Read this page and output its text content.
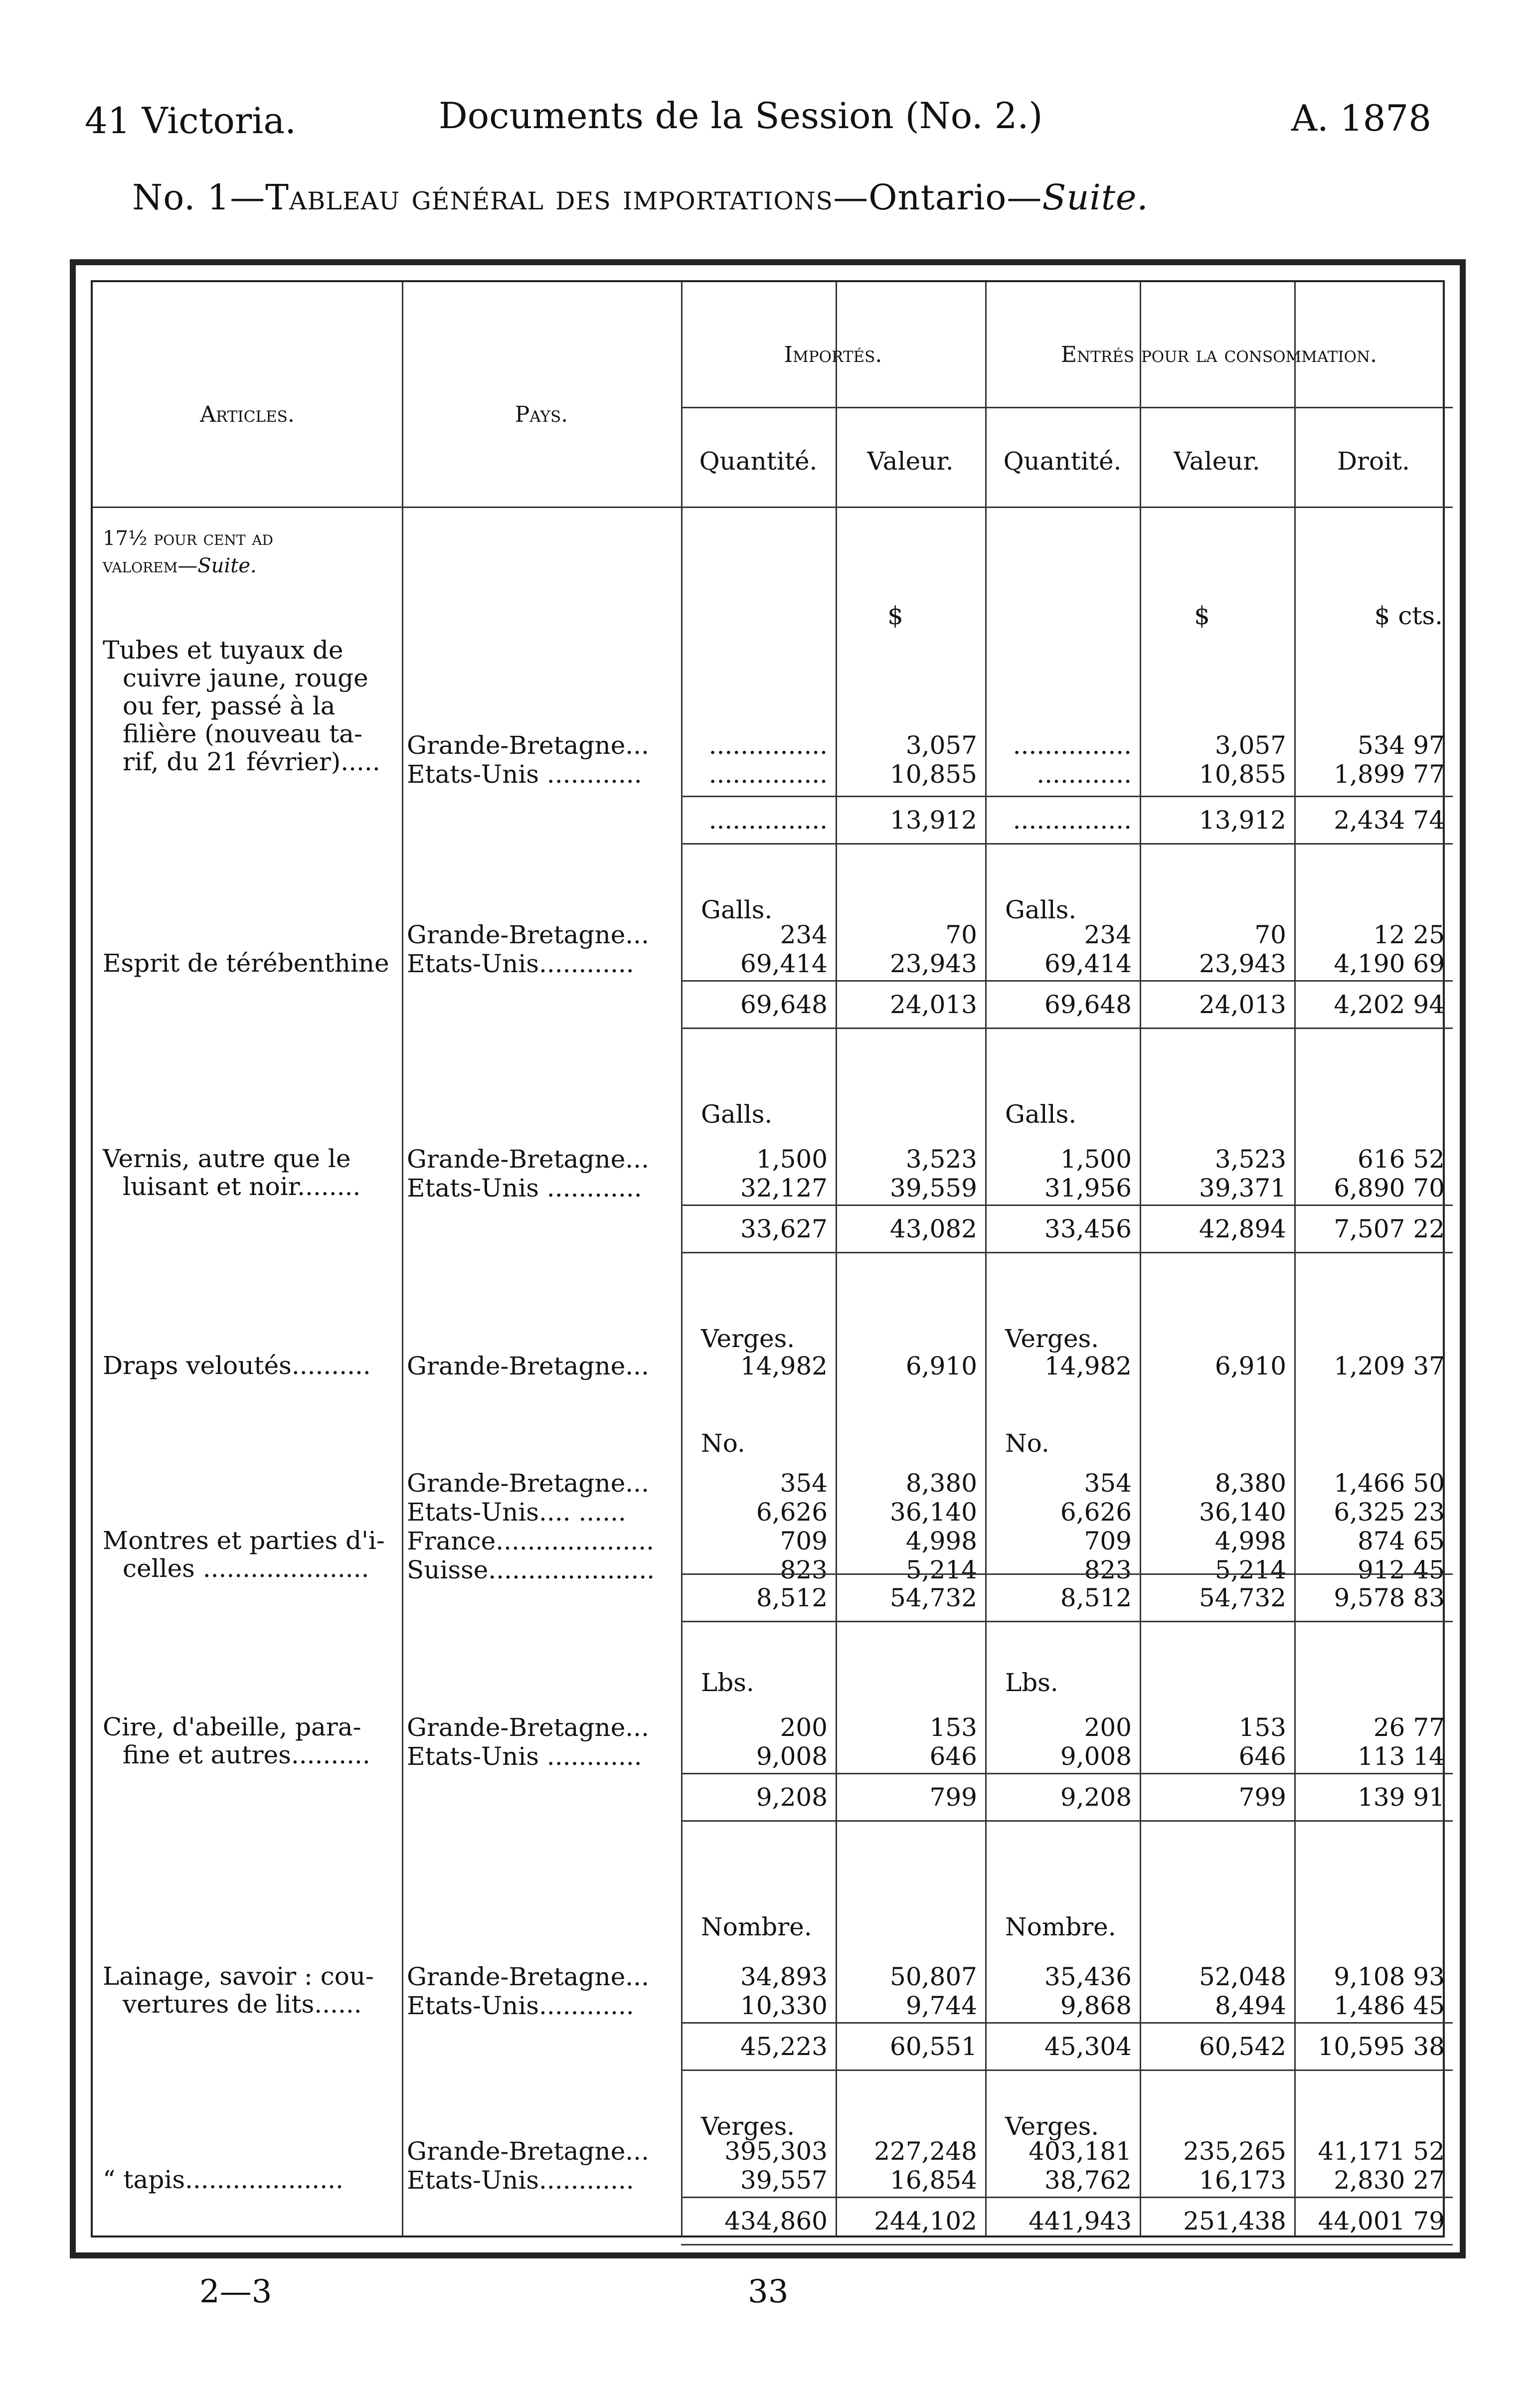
41 Victoria.	Documents de la Session (No. 2.)	A. 1878
No. 1—Tableau général des importations—Ontario—Suite.
Articles.	Pays.
Importés.	Entrés pour la consommation.
Quantité.	Valeur.	Quantité.	Valeur.	Droit.
17½ pour cent ad
valorem—Suite.
$	$	$ cts.
Tubes et tuyaux de
cuivre jaune, rouge
ou fer, passé à la
filière (nouveau ta-
rif, du 21 février).....
Grande-Bretagne...	...............	3,057	...............	3,057	534 97
Etats-Unis ............	...............	10,855	............	10,855	1,899 77
...............	13,912	...............	13,912	2,434 74
Esprit de térébenthine
Galls.	Galls.
Grande-Bretagne...	234	70	234	70	12 25
Etats-Unis............	69,414	23,943	69,414	23,943	4,190 69
69,648	24,013	69,648	24,013	4,202 94
Vernis, autre que le
luisant et noir........
Galls.	Galls.
Grande-Bretagne...	1,500	3,523	1,500	3,523	616 52
Etats-Unis ............	32,127	39,559	31,956	39,371	6,890 70
33,627	43,082	33,456	42,894	7,507 22
Draps veloutés..........
Verges.	Verges.
Grande-Bretagne...	14,982	6,910	14,982	6,910	1,209 37
Montres et parties d'i-
celles .....................
No.	No.
Grande-Bretagne...	354	8,380	354	8,380	1,466 50
Etats-Unis.... ......	6,626	36,140	6,626	36,140	6,325 23
France....................	709	4,998	709	4,998	874 65
Suisse.....................	823	5,214	823	5,214	912 45
8,512	54,732	8,512	54,732	9,578 83
Cire, d'abeille, para-
fine et autres..........
Lbs.	Lbs.
Grande-Bretagne...	200	153	200	153	26 77
Etats-Unis ............	9,008	646	9,008	646	113 14
9,208	799	9,208	799	139 91
Lainage, savoir : cou-
vertures de lits......
Nombre.	Nombre.
Grande-Bretagne...	34,893	50,807	35,436	52,048	9,108 93
Etats-Unis............	10,330	9,744	9,868	8,494	1,486 45
45,223	60,551	45,304	60,542	10,595 38
“ tapis....................
Verges.	Verges.
Grande-Bretagne...	395,303	227,248	403,181	235,265	41,171 52
Etats-Unis............	39,557	16,854	38,762	16,173	2,830 27
434,860	244,102	441,943	251,438	44,001 79
2—3	33
